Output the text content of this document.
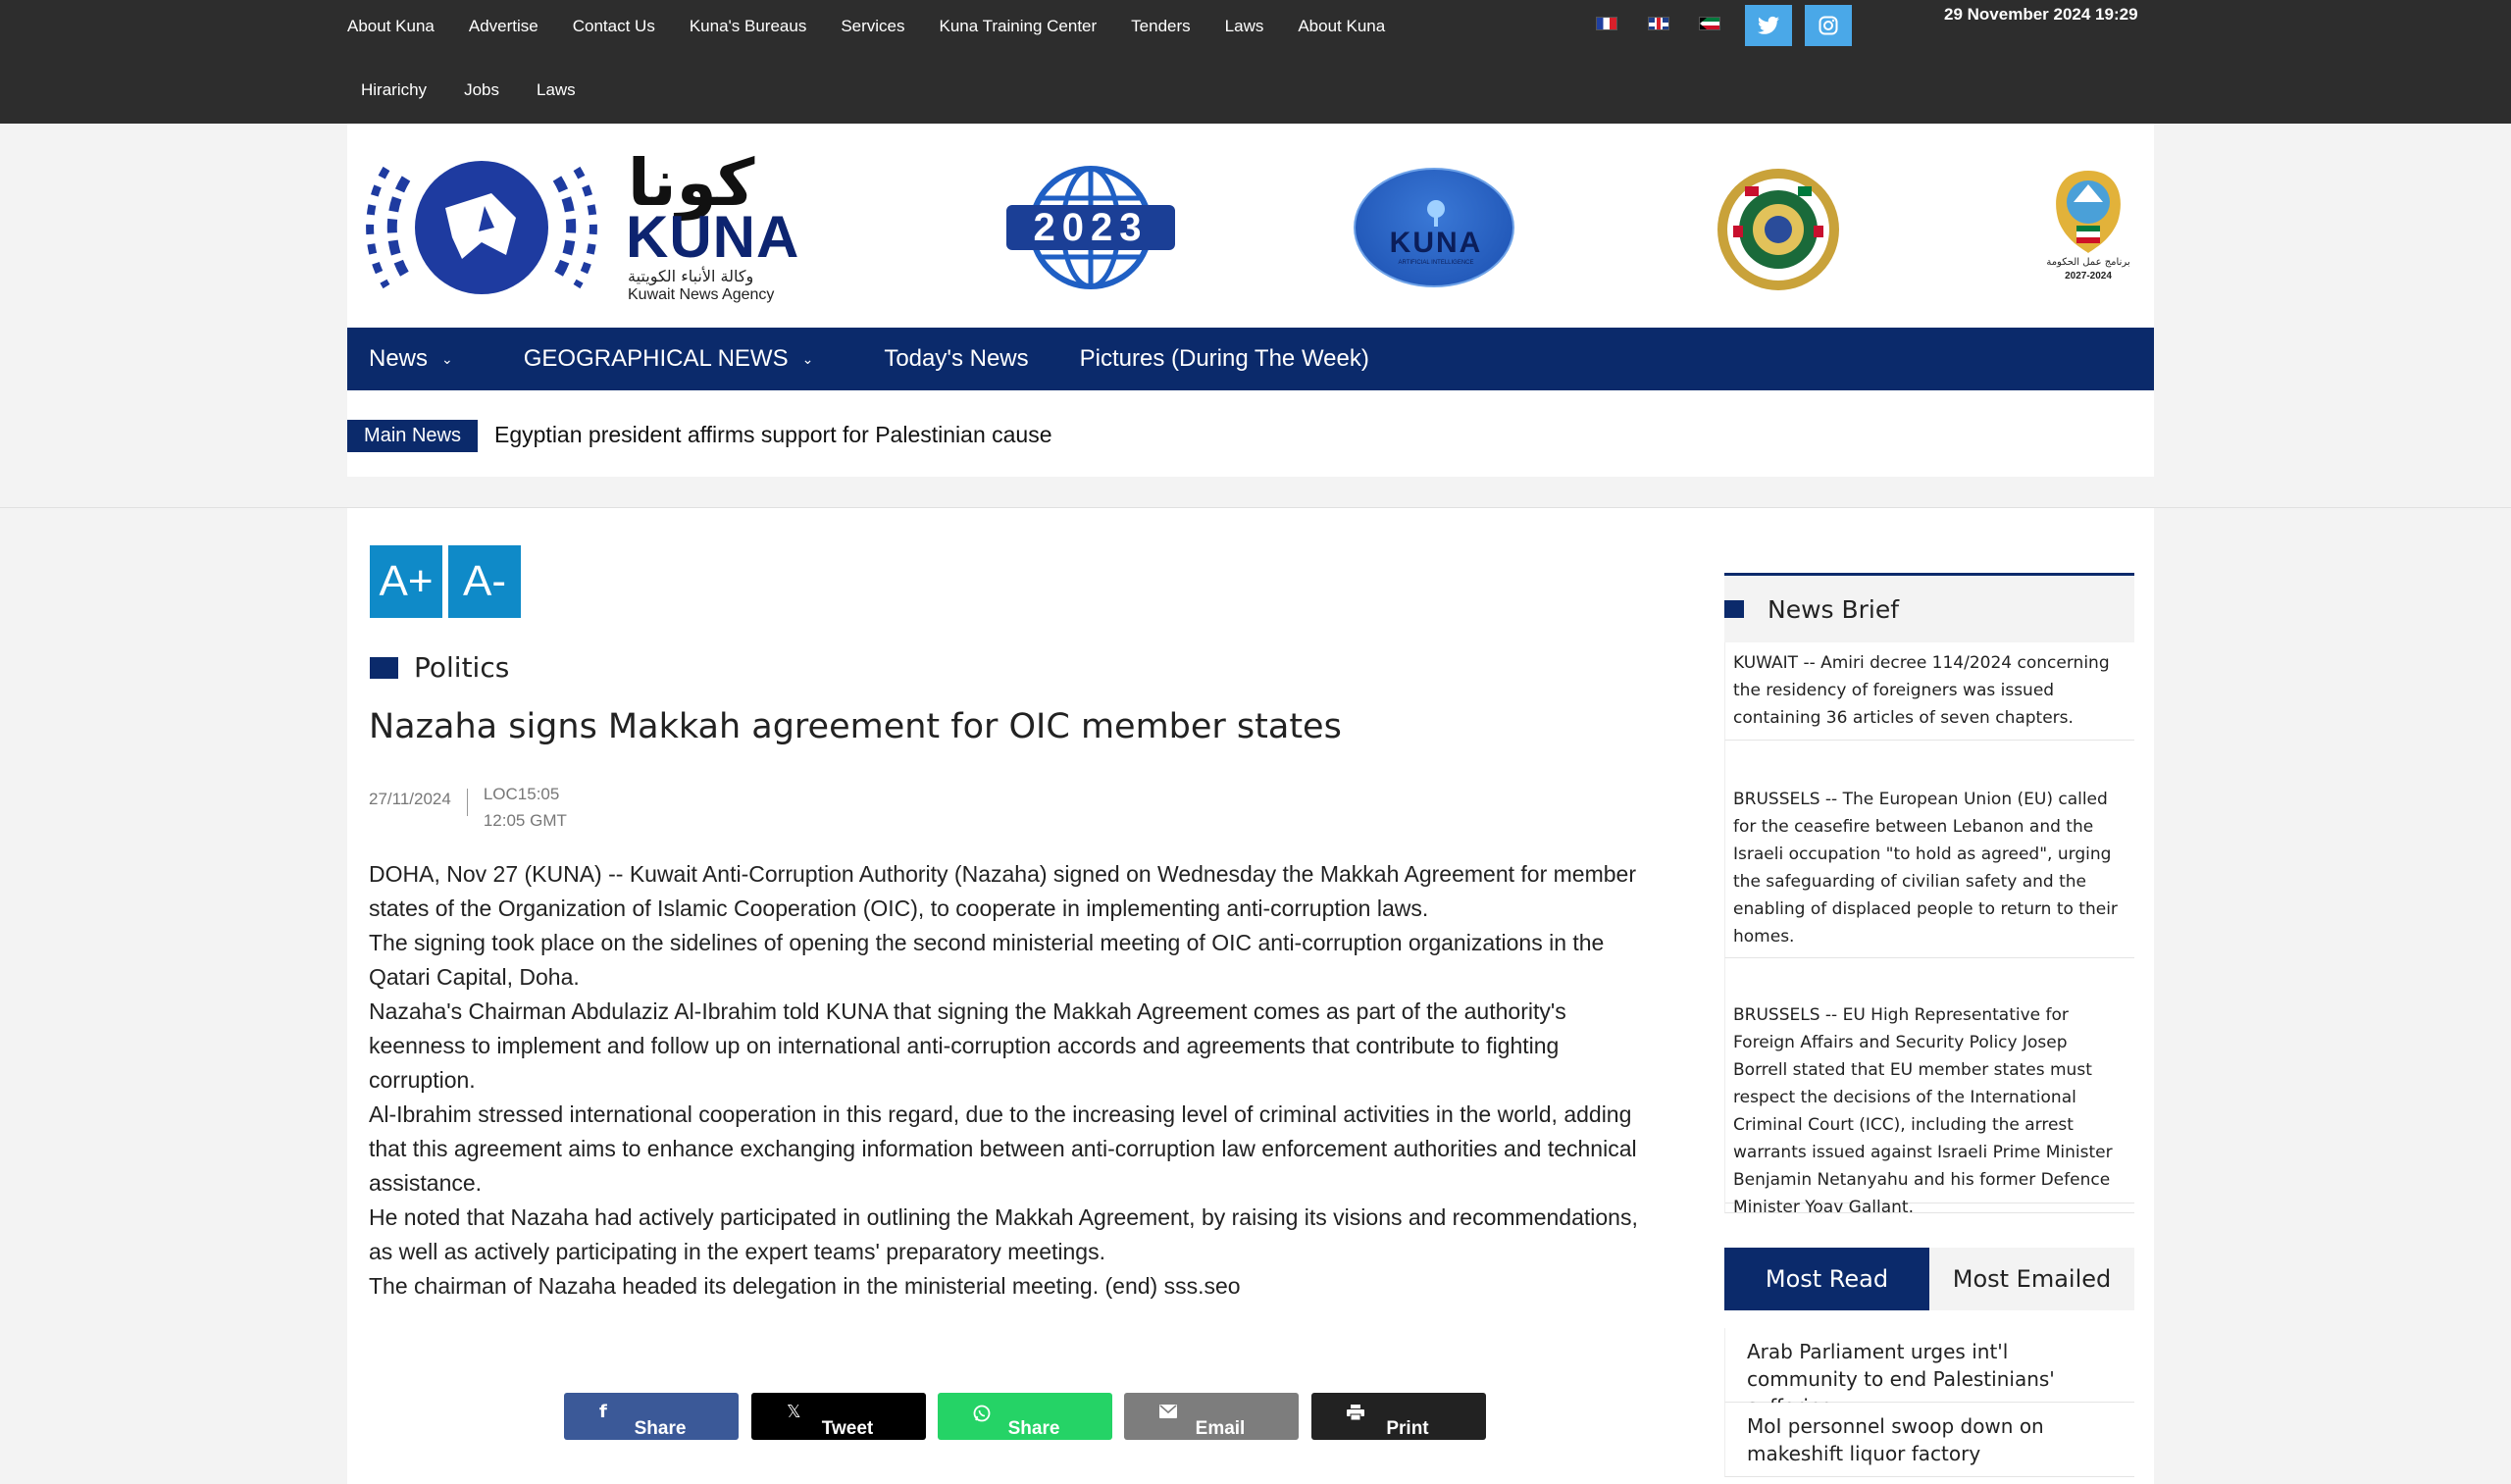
About Kuna Advertise Contact Us Kuna's Bureaus Services Kuna Training Center Tenders Laws About Kuna
Hirarichy Jobs Laws
29 November 2024 19:29
كونا
KUNA
وكالة الأنباء الكويتية
Kuwait News Agency
2023	KUNA
ARTIFICIAL INTELLIGENCE	برنامج عمل الحكومة
2027-2024
News ⌄	GEOGRAPHICAL NEWS ⌄	Today's News Pictures (During The Week)
Main News	Egyptian president affirms support for Palestinian cause
A+ A-
Politics
Nazaha signs Makkah agreement for OIC member states
27/11/2024 LOC15:05
12:05 GMT

DOHA, Nov 27 (KUNA) -- Kuwait Anti-Corruption Authority (Nazaha) signed on Wednesday the Makkah Agreement for member states of the Organization of Islamic Cooperation (OIC), to cooperate in implementing anti-corruption laws.

The signing took place on the sidelines of opening the second ministerial meeting of OIC anti-corruption organizations in the Qatari Capital, Doha.

Nazaha's Chairman Abdulaziz Al-Ibrahim told KUNA that signing the Makkah Agreement comes as part of the authority's keenness to implement and follow up on international anti-corruption accords and agreements that contribute to fighting corruption.

Al-Ibrahim stressed international cooperation in this regard, due to the increasing level of criminal activities in the world, adding that this agreement aims to enhance exchanging information between anti-corruption law enforcement authorities and technical assistance.

He noted that Nazaha had actively participated in outlining the Makkah Agreement, by raising its visions and recommendations, as well as actively participating in the expert teams' preparatory meetings.

The chairman of Nazaha headed its delegation in the ministerial meeting. (end) sss.seo

f
Share
𝕏
Tweet	Share	Email	Print
News Brief
KUWAIT -- Amiri decree 114/2024 concerning the residency of foreigners was issued containing 36 articles of seven chapters.
BRUSSELS -- The European Union (EU) called for the ceasefire between Lebanon and the Israeli occupation "to hold as agreed", urging the safeguarding of civilian safety and the enabling of displaced people to return to their homes.
BRUSSELS -- EU High Representative for Foreign Affairs and Security Policy Josep Borrell stated that EU member states must respect the decisions of the International Criminal Court (ICC), including the arrest warrants issued against Israeli Prime Minister Benjamin Netanyahu and his former Defence Minister Yoav Gallant.
Most Read	Most Emailed
Arab Parliament urges int'l community to end Palestinians'
MoI personnel swoop down on makeshift liquor factory
